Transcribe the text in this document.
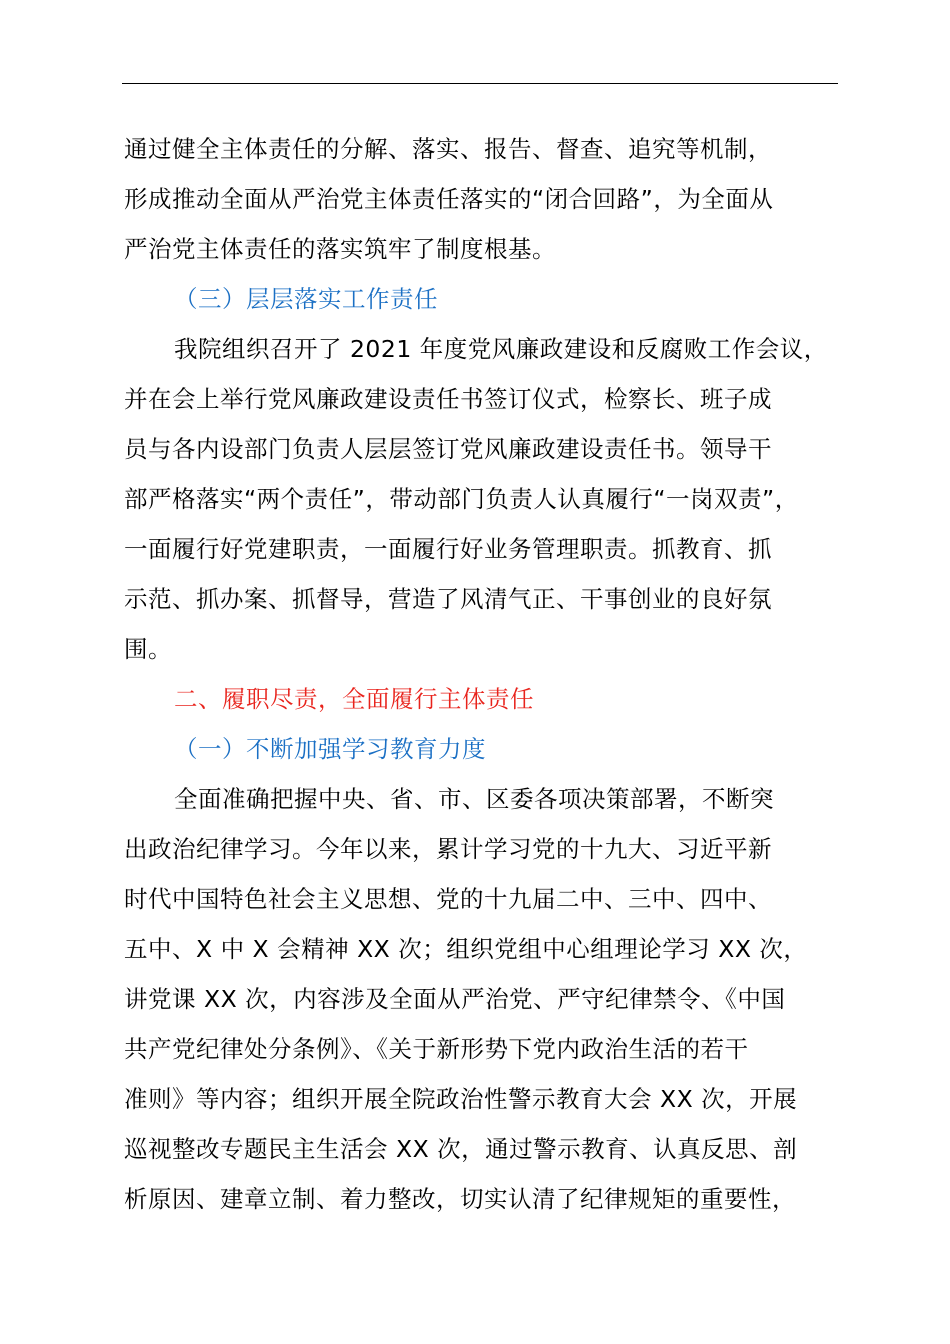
通过健全主体责任的分解、落实、报告、督查、追究等机制，
形成推动全面从严治党主体责任落实的“闭合回路”，为全面从
严治党主体责任的落实筑牢了制度根基。
（三）层层落实工作责任
我院组织召开了 2021 年度党风廉政建设和反腐败工作会议，
并在会上举行党风廉政建设责任书签订仪式，检察长、班子成
员与各内设部门负责人层层签订党风廉政建设责任书。领导干
部严格落实“两个责任”，带动部门负责人认真履行“一岗双责”，
一面履行好党建职责，一面履行好业务管理职责。抓教育、抓
示范、抓办案、抓督导，营造了风清气正、干事创业的良好氛
围。
二、履职尽责，全面履行主体责任
（一）不断加强学习教育力度
全面准确把握中央、省、市、区委各项决策部署，不断突
出政治纪律学习。今年以来，累计学习党的十九大、习近平新
时代中国特色社会主义思想、党的十九届二中、三中、四中、
五中、X 中 X 会精神 XX 次；组织党组中心组理论学习 XX 次，
讲党课 XX 次，内容涉及全面从严治党、严守纪律禁令、《中国
共产党纪律处分条例》、《关于新形势下党内政治生活的若干
准则》等内容；组织开展全院政治性警示教育大会 XX 次，开展
巡视整改专题民主生活会 XX 次，通过警示教育、认真反思、剖
析原因、建章立制、着力整改，切实认清了纪律规矩的重要性，
